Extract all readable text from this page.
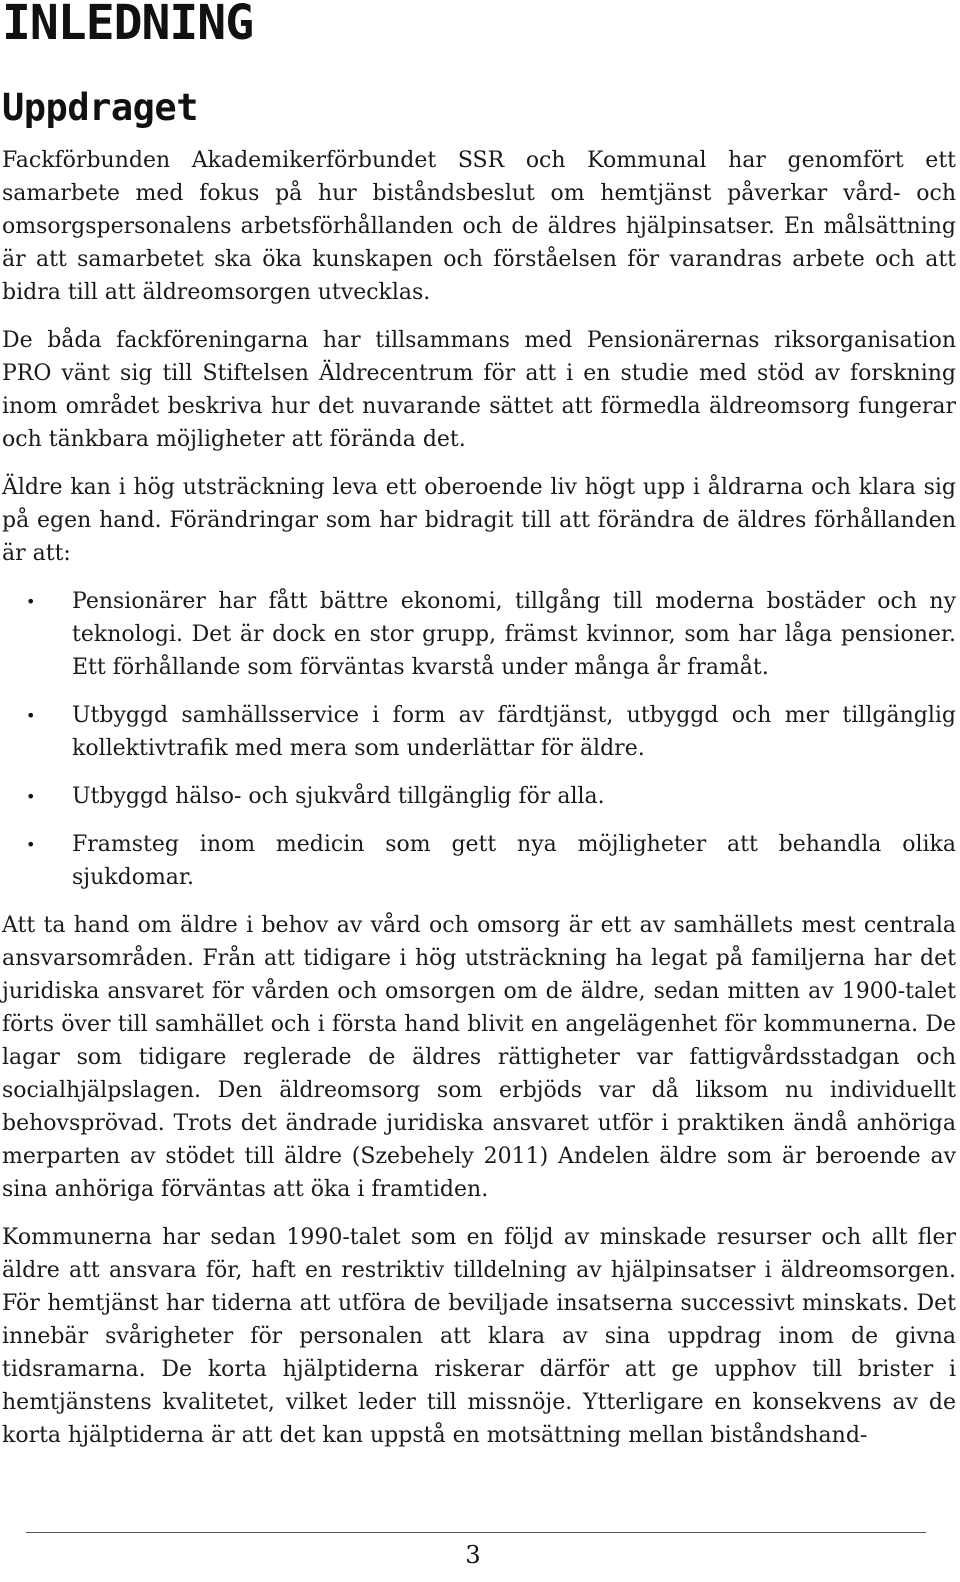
INLEDNING
Uppdraget

Fackförbunden Akademikerförbundet SSR och Kommunal har genomfört ett samarbete med fokus på hur biståndsbeslut om hemtjänst påverkar vård- och omsorgspersonalens arbetsförhållanden och de äldres hjälpinsatser. En målsättning är att samarbetet ska öka kunskapen och förståelsen för varandras arbete och att bidra till att äldreomsorgen utvecklas.

De båda fackföreningarna har tillsammans med Pensionärernas riksorganisation PRO vänt sig till Stiftelsen Äldrecentrum för att i en studie med stöd av forskning inom området beskriva hur det nuvarande sättet att förmedla äldreomsorg fungerar och tänkbara möjligheter att förända det.

Äldre kan i hög utsträckning leva ett oberoende liv högt upp i åldrarna och klara sig på egen hand. Förändringar som har bidragit till att förändra de äldres förhållanden är att:

• Pensionärer har fått bättre ekonomi, tillgång till moderna bostäder och ny teknologi. Det är dock en stor grupp, främst kvinnor, som har låga pensioner. Ett förhållande som förväntas kvarstå under många år framåt.
• Utbyggd samhällsservice i form av färdtjänst, utbyggd och mer tillgänglig kollektivtrafik med mera som underlättar för äldre.
• Utbyggd hälso- och sjukvård tillgänglig för alla.
• Framsteg inom medicin som gett nya möjligheter att behandla olika sjukdomar.

Att ta hand om äldre i behov av vård och omsorg är ett av samhällets mest centrala ansvarsområden. Från att tidigare i hög utsträckning ha legat på familjerna har det juridiska ansvaret för vården och omsorgen om de äldre, sedan mitten av 1900-talet förts över till samhället och i första hand blivit en angelägenhet för kommunerna. De lagar som tidigare reglerade de äldres rättigheter var fattigvårdsstadgan och socialhjälpslagen. Den äldreomsorg som erbjöds var då liksom nu individuellt behovsprövad. Trots det ändrade juridiska ansvaret utför i praktiken ändå anhöriga merparten av stödet till äldre (Szebehely 2011) Andelen äldre som är beroende av sina anhöriga förväntas att öka i framtiden.

Kommunerna har sedan 1990-talet som en följd av minskade resurser och allt fler äldre att ansvara för, haft en restriktiv tilldelning av hjälpinsatser i äldreomsorgen. För hemtjänst har tiderna att utföra de beviljade insatserna successivt minskats. Det innebär svårigheter för personalen att klara av sina uppdrag inom de givna tidsramarna. De korta hjälptiderna riskerar därför att ge upphov till brister i hemtjänstens kvalitetet, vilket leder till missnöje. Ytterligare en konsekvens av de korta hjälptiderna är att det kan uppstå en motsättning mellan biståndshand-

3
